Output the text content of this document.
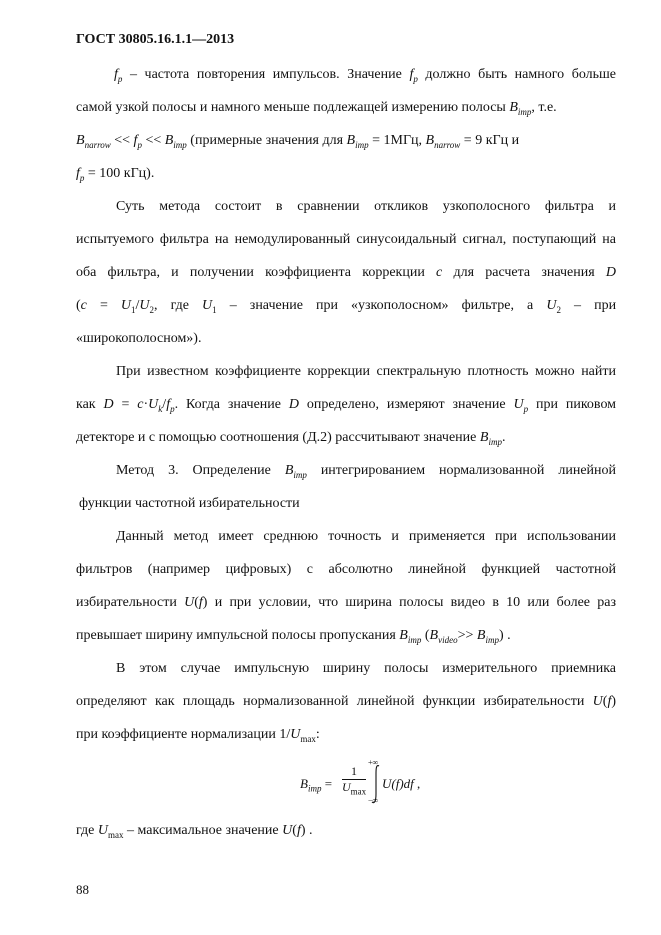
ГОСТ 30805.16.1.1—2013
$f_p$ – частота повторения импульсов. Значение $f_p$ должно быть намного больше
самой узкой полосы и намного меньше подлежащей измерению полосы $B_{imp}$, т.е.
$B_{narrow} << f_p << B_{imp}$ (примерные значения для $B_{imp} = 1МГц$, $B_{narrow} = 9$ кГц и
$f_p = 100$ кГц).
Суть метода состоит в сравнении откликов узкополосного фильтра и
испытуемого фильтра на немодулированный синусоидальный сигнал, поступающий на
оба фильтра, и получении коэффициента коррекции c для расчета значения D
($c = U_1/U_2$, где $U_1$ – значение при «узкополосном» фильтре, а $U_2$ – при
«широкополосном»).
При известном коэффициенте коррекции спектральную плотность можно найти
как $D = c\cdot U_k/f_p$. Когда значение D определено, измеряют значение $U_p$ при пиковом
детекторе и с помощью соотношения (Д.2) рассчитывают значение $B_{imp}$.
Метод 3. Определение $B_{imp}$ интегрированием нормализованной линейной
функции частотной избирательности
Данный метод имеет среднюю точность и применяется при использовании
фильтров (например цифровых) с абсолютно линейной функцией частотной
избирательности U(f) и при условии, что ширина полосы видео в 10 или более раз
превышает ширину импульсной полосы пропускания $B_{imp}$ $(B_{video}>> B_{imp})$ .
В этом случае импульсную ширину полосы измерительного приемника
определяют как площадь нормализованной линейной функции избирательности U(f)
при коэффициенте нормализации $1/U_{max}$:
$B_{imp}$ =
1
$U_{max}$
+∞
−∞
U(f)df ,
где $U_{max}$ – максимальное значение U(f) .
88
